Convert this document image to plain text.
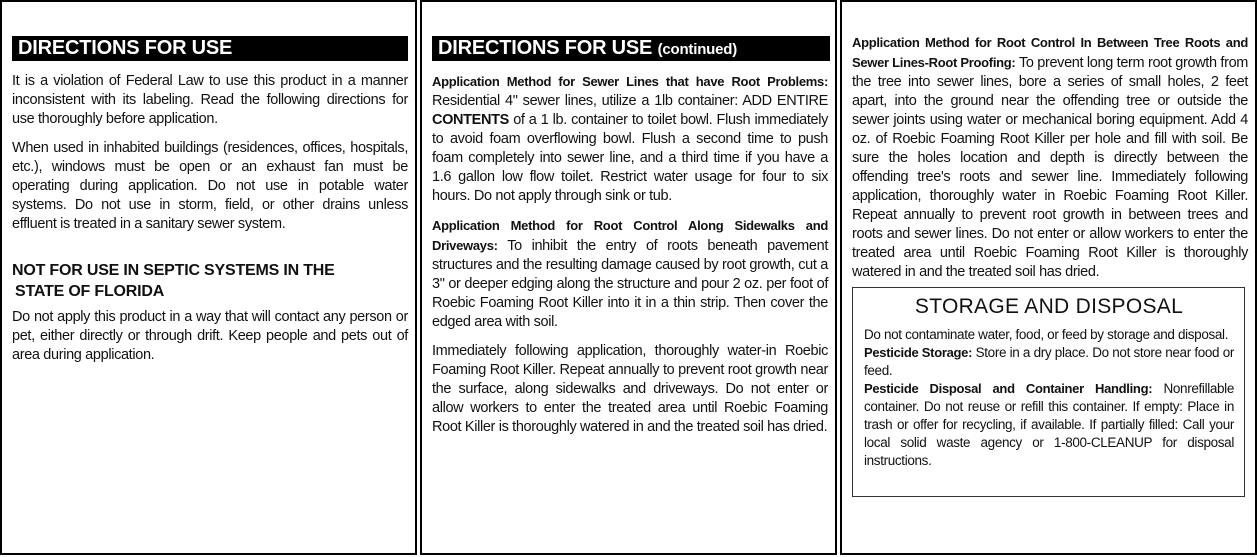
DIRECTIONS FOR USE

It is a violation of Federal Law to use this product in a manner inconsistent with its labeling. Read the following directions for use thoroughly before application.

When used in inhabited buildings (residences, offices, hospitals, etc.), windows must be open or an exhaust fan must be operating during application. Do not use in potable water systems. Do not use in storm, field, or other drains unless effluent is treated in a sanitary sewer system.

NOT FOR USE IN SEPTIC SYSTEMS IN THE

STATE OF FLORIDA

Do not apply this product in a way that will contact any person or pet, either directly or through drift. Keep people and pets out of area during application.

DIRECTIONS FOR USE (continued)

Application Method for Sewer Lines that have Root Problems: Residential 4" sewer lines, utilize a 1lb container: ADD ENTIRE CONTENTS of a 1 lb. container to toilet bowl. Flush immediately to avoid foam overflowing bowl. Flush a second time to push foam completely into sewer line, and a third time if you have a 1.6 gallon low flow toilet. Restrict water usage for four to six hours. Do not apply through sink or tub.

Application Method for Root Control Along Sidewalks and Driveways: To inhibit the entry of roots beneath pavement structures and the resulting damage caused by root growth, cut a 3" or deeper edging along the structure and pour 2 oz. per foot of Roebic Foaming Root Killer into it in a thin strip. Then cover the edged area with soil.

Immediately following application, thoroughly water-in Roebic Foaming Root Killer. Repeat annually to prevent root growth near the surface, along sidewalks and driveways. Do not enter or allow workers to enter the treated area until Roebic Foaming Root Killer is thoroughly watered in and the treated soil has dried.

Application Method for Root Control In Between Tree Roots and Sewer Lines-Root Proofing: To prevent long term root growth from the tree into sewer lines, bore a series of small holes, 2 feet apart, into the ground near the offending tree or outside the sewer joints using water or mechanical boring equipment. Add 4 oz. of Roebic Foaming Root Killer per hole and fill with soil. Be sure the holes location and depth is directly between the offending tree's roots and sewer line. Immediately following application, thoroughly water in Roebic Foaming Root Killer. Repeat annually to prevent root growth in between trees and roots and sewer lines. Do not enter or allow workers to enter the treated area until Roebic Foaming Root Killer is thoroughly watered in and the treated soil has dried.

STORAGE AND DISPOSAL

Do not contaminate water, food, or feed by storage and disposal.

Pesticide Storage: Store in a dry place. Do not store near food or feed.

Pesticide Disposal and Container Handling: Nonrefillable container. Do not reuse or refill this container. If empty: Place in trash or offer for recycling, if available. If partially filled: Call your local solid waste agency or 1-800-CLEANUP for disposal instructions.
